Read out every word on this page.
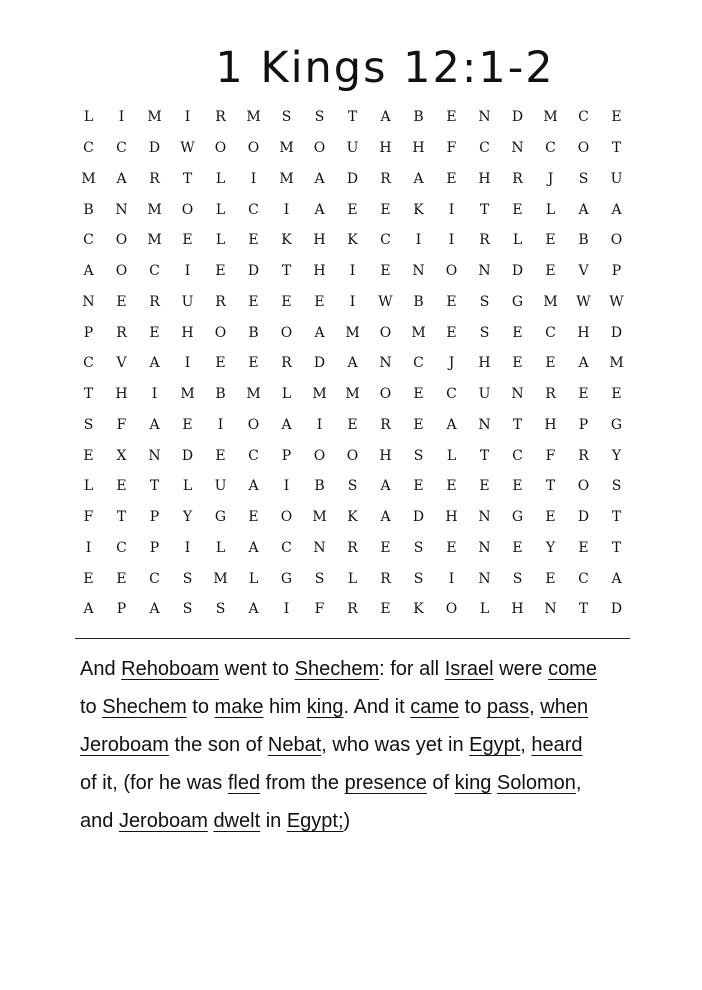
1 Kings 12:1-2
L	I	M	I	R	M	S	S	T	A	B	E	N	D	M	C	E
C	C	D	W	O	O	M	O	U	H	H	F	C	N	C	O	T
M	A	R	T	L	I	M	A	D	R	A	E	H	R	J	S	U
B	N	M	O	L	C	I	A	E	E	K	I	T	E	L	A	A
C	O	M	E	L	E	K	H	K	C	I	I	R	L	E	B	O
A	O	C	I	E	D	T	H	I	E	N	O	N	D	E	V	P
N	E	R	U	R	E	E	E	I	W	B	E	S	G	M	W	W
P	R	E	H	O	B	O	A	M	O	M	E	S	E	C	H	D
C	V	A	I	E	E	R	D	A	N	C	J	H	E	E	A	M
T	H	I	M	B	M	L	M	M	O	E	C	U	N	R	E	E
S	F	A	E	I	O	A	I	E	R	E	A	N	T	H	P	G
E	X	N	D	E	C	P	O	O	H	S	L	T	C	F	R	Y
L	E	T	L	U	A	I	B	S	A	E	E	E	E	T	O	S
F	T	P	Y	G	E	O	M	K	A	D	H	N	G	E	D	T
I	C	P	I	L	A	C	N	R	E	S	E	N	E	Y	E	T
E	E	C	S	M	L	G	S	L	R	S	I	N	S	E	C	A
A	P	A	S	S	A	I	F	R	E	K	O	L	H	N	T	D
And Rehoboam went to Shechem: for all Israel were come
to Shechem to make him king. And it came to pass, when
Jeroboam the son of Nebat, who was yet in Egypt, heard
of it, (for he was fled from the presence of king Solomon,
and Jeroboam dwelt in Egypt;)
